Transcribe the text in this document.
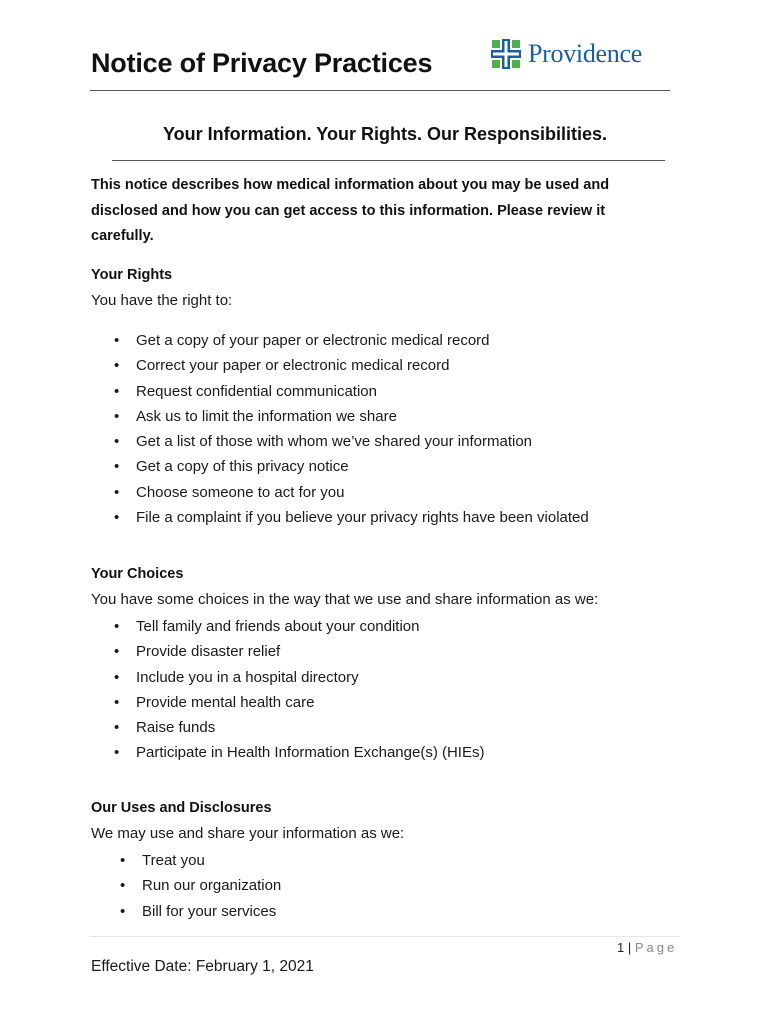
Notice of Privacy Practices	Providence
Your Information. Your Rights. Our Responsibilities.
This notice describes how medical information about you may be used and disclosed and how you can get access to this information. Please review it carefully.
Your Rights
You have the right to:
• Get a copy of your paper or electronic medical record
• Correct your paper or electronic medical record
• Request confidential communication
• Ask us to limit the information we share
• Get a list of those with whom we’ve shared your information
• Get a copy of this privacy notice
• Choose someone to act for you
• File a complaint if you believe your privacy rights have been violated
Your Choices
You have some choices in the way that we use and share information as we:
• Tell family and friends about your condition
• Provide disaster relief
• Include you in a hospital directory
• Provide mental health care
• Raise funds
• Participate in Health Information Exchange(s) (HIEs)
Our Uses and Disclosures
We may use and share your information as we:
• Treat you
• Run our organization
• Bill for your services
1 | Page
Effective Date: February 1, 2021
